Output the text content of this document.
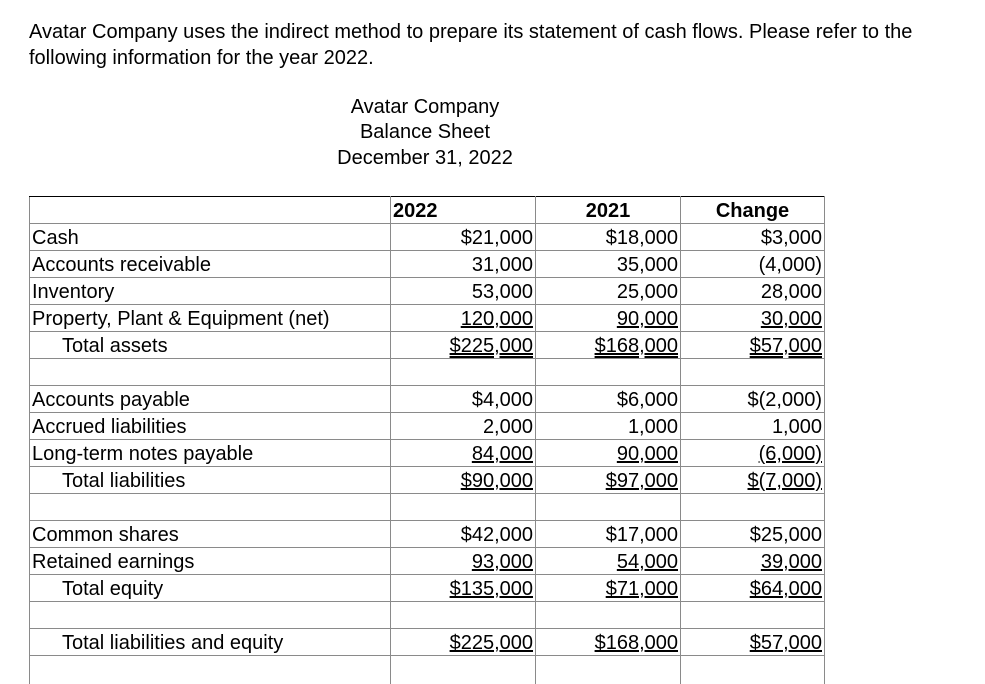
Avatar Company uses the indirect method to prepare its statement of cash flows. Please refer to the following information for the year 2022.
Avatar Company
Balance Sheet
December 31, 2022
	2022	2021	Change
Cash	$21,000	$18,000	$3,000
Accounts receivable	31,000	35,000	(4,000)
Inventory	53,000	25,000	28,000
Property, Plant & Equipment (net)	120,000	90,000	30,000
Total assets	$225,000	$168,000	$57,000

Accounts payable	$4,000	$6,000	$(2,000)
Accrued liabilities	2,000	1,000	1,000
Long-term notes payable	84,000	90,000	(6,000)
Total liabilities	$90,000	$97,000	$(7,000)

Common shares	$42,000	$17,000	$25,000
Retained earnings	93,000	54,000	39,000
Total equity	$135,000	$71,000	$64,000

Total liabilities and equity	$225,000	$168,000	$57,000
